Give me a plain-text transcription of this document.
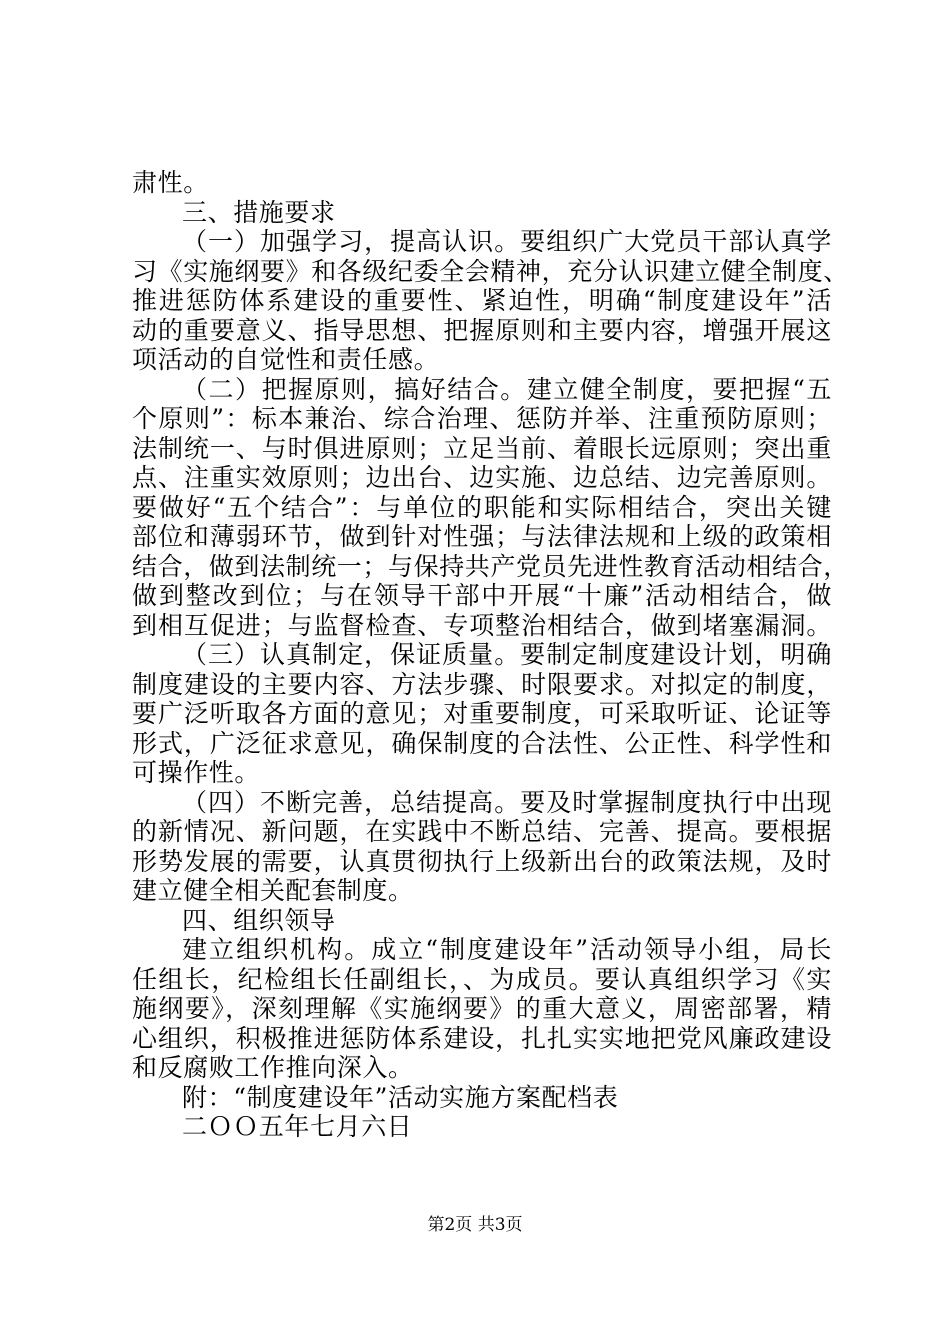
肃性。
三、措施要求
（一）加强学习，提高认识。要组织广大党员干部认真学
习《实施纲要》和各级纪委全会精神，充分认识建立健全制度、
推进惩防体系建设的重要性、紧迫性，明确“制度建设年”活
动的重要意义、指导思想、把握原则和主要内容，增强开展这
项活动的自觉性和责任感。
（二）把握原则，搞好结合。建立健全制度，要把握“五
个原则”：标本兼治、综合治理、惩防并举、注重预防原则；
法制统一、与时俱进原则；立足当前、着眼长远原则；突出重
点、注重实效原则；边出台、边实施、边总结、边完善原则。
要做好“五个结合”：与单位的职能和实际相结合，突出关键
部位和薄弱环节，做到针对性强；与法律法规和上级的政策相
结合，做到法制统一；与保持共产党员先进性教育活动相结合，
做到整改到位；与在领导干部中开展“十廉”活动相结合，做
到相互促进；与监督检查、专项整治相结合，做到堵塞漏洞。
（三）认真制定，保证质量。要制定制度建设计划，明确
制度建设的主要内容、方法步骤、时限要求。对拟定的制度，
要广泛听取各方面的意见；对重要制度，可采取听证、论证等
形式，广泛征求意见，确保制度的合法性、公正性、科学性和
可操作性。
（四）不断完善，总结提高。要及时掌握制度执行中出现
的新情况、新问题，在实践中不断总结、完善、提高。要根据
形势发展的需要，认真贯彻执行上级新出台的政策法规，及时
建立健全相关配套制度。
四、组织领导
建立组织机构。成立“制度建设年”活动领导小组，局长
任组长，纪检组长任副组长，、为成员。要认真组织学习《实
施纲要》，深刻理解《实施纲要》的重大意义，周密部署，精
心组织，积极推进惩防体系建设，扎扎实实地把党风廉政建设
和反腐败工作推向深入。
附：“制度建设年”活动实施方案配档表
二ＯＯ五年七月六日
第2页 共3页
